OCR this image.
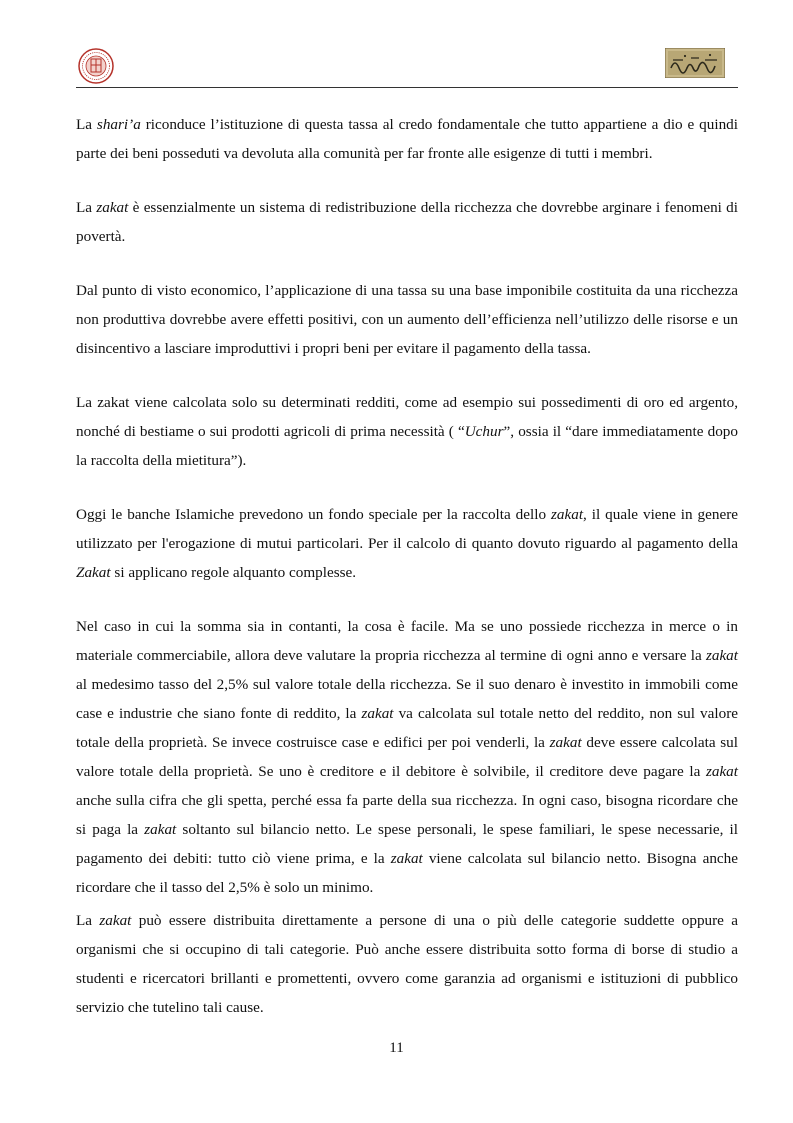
La shari’a riconduce l’istituzione di questa tassa al credo fondamentale che tutto appartiene a dio e quindi parte dei beni posseduti va devoluta alla comunità per far fronte alle esigenze di tutti i membri.

La zakat è essenzialmente un sistema di redistribuzione della ricchezza che dovrebbe arginare i fenomeni di povertà.

Dal punto di visto economico, l’applicazione di una tassa su una base imponibile costituita da una ricchezza non produttiva dovrebbe avere effetti positivi, con un aumento dell’efficienza nell’utilizzo delle risorse e un disincentivo a lasciare improduttivi i propri beni per evitare il pagamento della tassa.

La zakat viene calcolata solo su determinati redditi, come ad esempio sui possedimenti di oro ed argento, nonché di bestiame o sui prodotti agricoli di prima necessità ( “Uchur”, ossia il “dare immediatamente dopo la raccolta della mietitura”).

Oggi le banche Islamiche prevedono un fondo speciale per la raccolta dello zakat, il quale viene in genere utilizzato per l'erogazione di mutui particolari. Per il calcolo di quanto dovuto riguardo al pagamento della Zakat si applicano regole alquanto complesse.

Nel caso in cui la somma sia in contanti, la cosa è facile. Ma se uno possiede ricchezza in merce o in materiale commerciabile, allora deve valutare la propria ricchezza al termine di ogni anno e versare la zakat al medesimo tasso del 2,5% sul valore totale della ricchezza. Se il suo denaro è investito in immobili come case e industrie che siano fonte di reddito, la zakat va calcolata sul totale netto del reddito, non sul valore totale della proprietà. Se invece costruisce case e edifici per poi venderli, la zakat deve essere calcolata sul valore totale della proprietà. Se uno è creditore e il debitore è solvibile, il creditore deve pagare la zakat anche sulla cifra che gli spetta, perché essa fa parte della sua ricchezza. In ogni caso, bisogna ricordare che si paga la zakat soltanto sul bilancio netto. Le spese personali, le spese familiari, le spese necessarie, il pagamento dei debiti: tutto ciò viene prima, e la zakat viene calcolata sul bilancio netto. Bisogna anche ricordare che il tasso del 2,5% è solo un minimo.

La zakat può essere distribuita direttamente a persone di una o più delle categorie suddette oppure a organismi che si occupino di tali categorie. Può anche essere distribuita sotto forma di borse di studio a studenti e ricercatori brillanti e promettenti, ovvero come garanzia ad organismi e istituzioni di pubblico servizio che tutelino tali cause.

11
